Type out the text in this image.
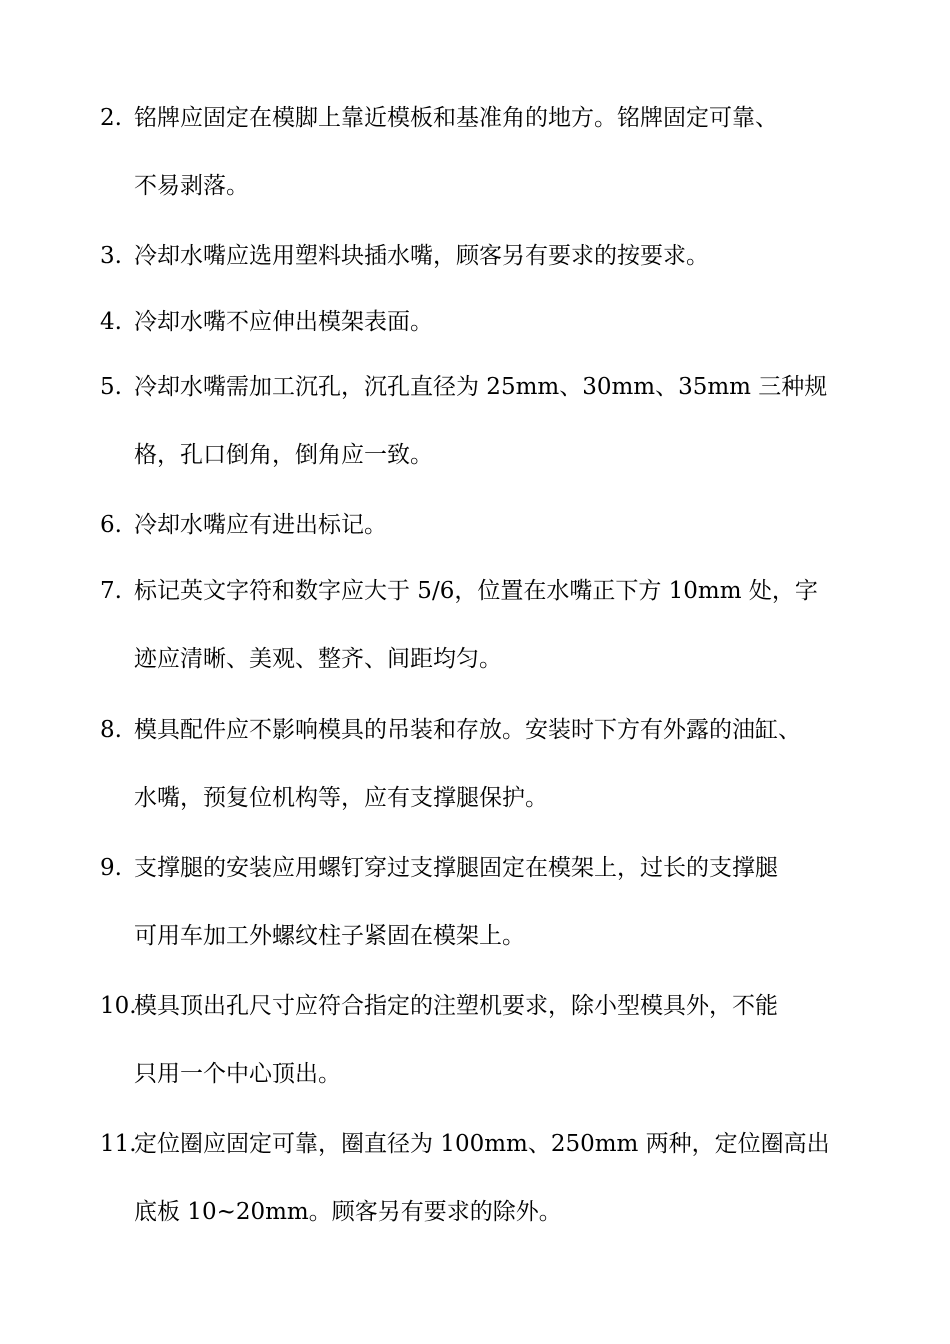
2. 铭牌应固定在模脚上靠近模板和基准角的地方。铭牌固定可靠、
不易剥落。
3. 冷却水嘴应选用塑料块插水嘴，顾客另有要求的按要求。
4. 冷却水嘴不应伸出模架表面。
5. 冷却水嘴需加工沉孔，沉孔直径为 25mm、30mm、35mm 三种规
格，孔口倒角，倒角应一致。
6. 冷却水嘴应有进出标记。
7. 标记英文字符和数字应大于 5/6，位置在水嘴正下方 10mm 处，字
迹应清晰、美观、整齐、间距均匀。
8. 模具配件应不影响模具的吊装和存放。安装时下方有外露的油缸、
水嘴，预复位机构等，应有支撑腿保护。
9. 支撑腿的安装应用螺钉穿过支撑腿固定在模架上，过长的支撑腿
可用车加工外螺纹柱子紧固在模架上。
10.
模具顶出孔尺寸应符合指定的注塑机要求，除小型模具外，不能
只用一个中心顶出。
11.
定位圈应固定可靠，圈直径为 100mm、250mm 两种，定位圈高出
底板 10~20mm。顾客另有要求的除外。
